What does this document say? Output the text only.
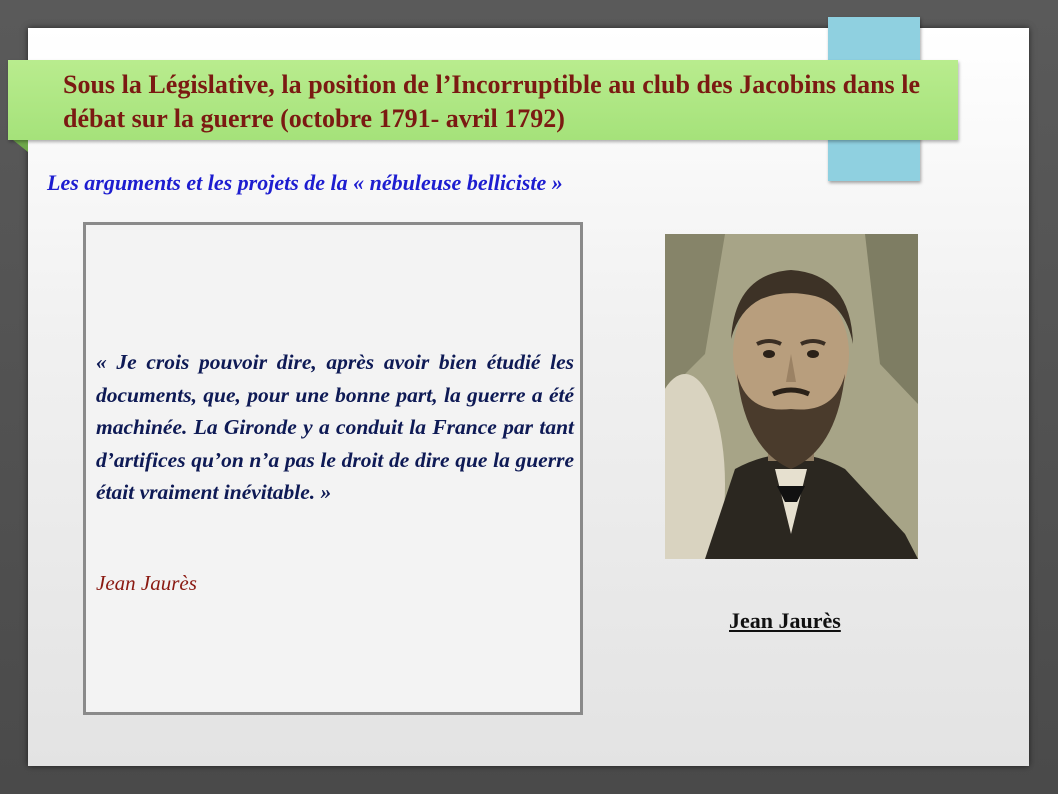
Sous la Législative, la position de l’Incorruptible au club des Jacobins dans le débat sur la guerre (octobre 1791- avril 1792)

Les arguments et les projets de la « nébuleuse belliciste »

« Je crois pouvoir dire, après avoir bien étudié les documents, que, pour une bonne part, la guerre a été machinée. La Gironde y a conduit la France par tant d’artifices qu’on n’a pas le droit de dire que la guerre était vraiment inévitable. »

Jean Jaurès

Jean Jaurès
